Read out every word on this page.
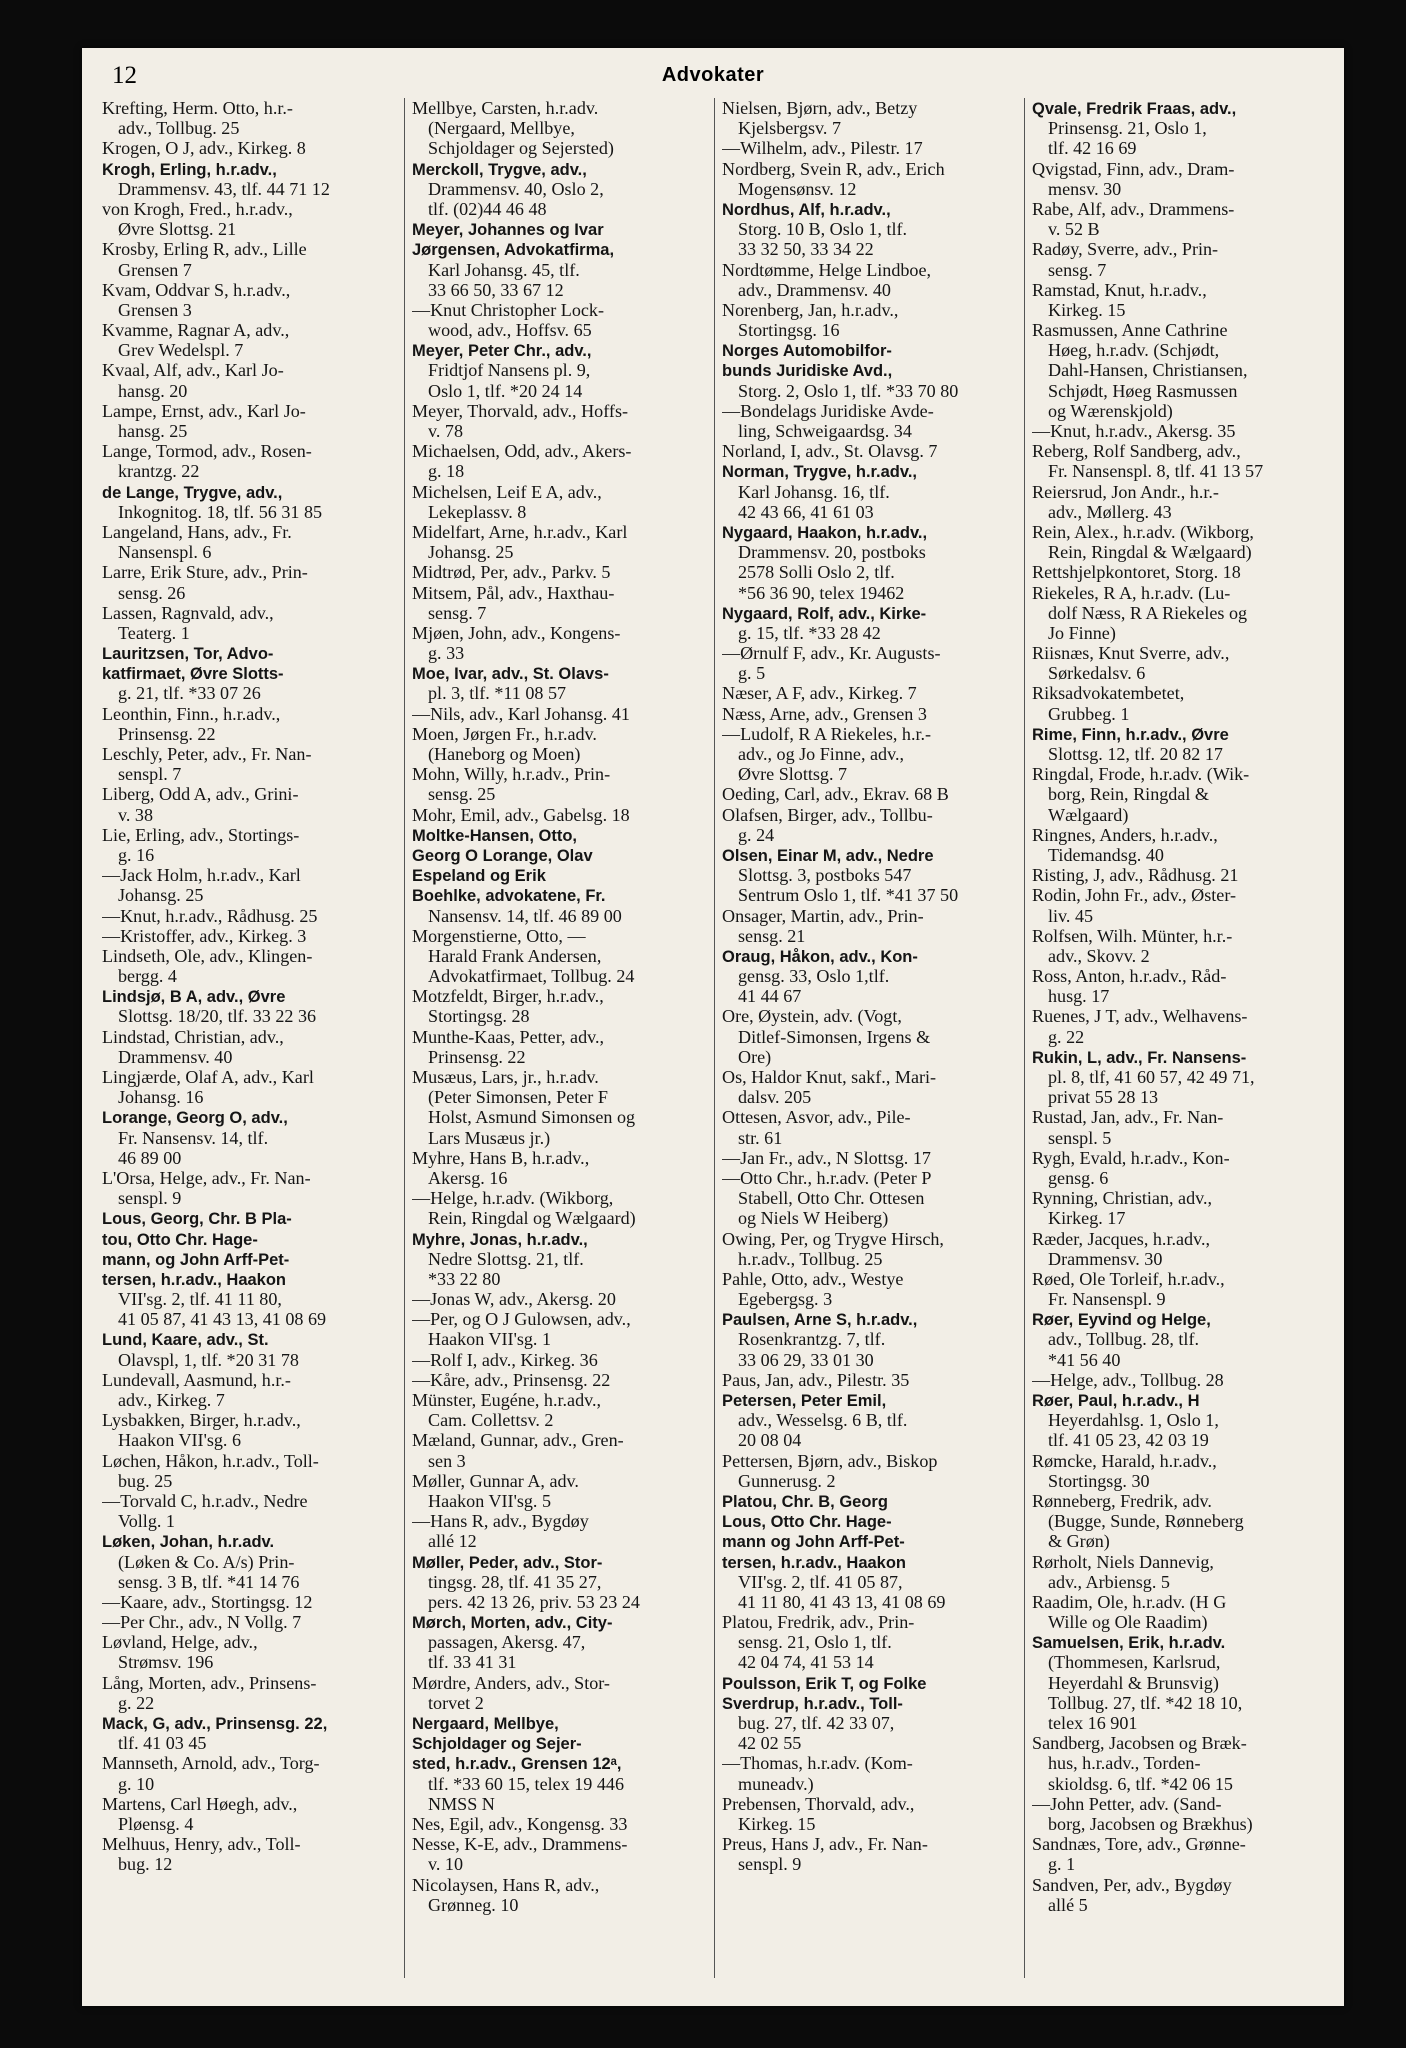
12	Advokater
Krefting, Herm. Otto, h.r.-
adv., Tollbug. 25
Krogen, O J, adv., Kirkeg. 8
Krogh, Erling, h.r.adv.,
Drammensv. 43, tlf. 44 71 12
von Krogh, Fred., h.r.adv.,
Øvre Slottsg. 21
Krosby, Erling R, adv., Lille
Grensen 7
Kvam, Oddvar S, h.r.adv.,
Grensen 3
Kvamme, Ragnar A, adv.,
Grev Wedelspl. 7
Kvaal, Alf, adv., Karl Jo-
hansg. 20
Lampe, Ernst, adv., Karl Jo-
hansg. 25
Lange, Tormod, adv., Rosen-
krantzg. 22
de Lange, Trygve, adv.,
Inkognitog. 18, tlf. 56 31 85
Langeland, Hans, adv., Fr.
Nansenspl. 6
Larre, Erik Sture, adv., Prin-
sensg. 26
Lassen, Ragnvald, adv.,
Teaterg. 1
Lauritzsen, Tor, Advo-
katfirmaet, Øvre Slotts-
g. 21, tlf. *33 07 26
Leonthin, Finn., h.r.adv.,
Prinsensg. 22
Leschly, Peter, adv., Fr. Nan-
senspl. 7
Liberg, Odd A, adv., Grini-
v. 38
Lie, Erling, adv., Stortings-
g. 16
—Jack Holm, h.r.adv., Karl
Johansg. 25
—Knut, h.r.adv., Rådhusg. 25
—Kristoffer, adv., Kirkeg. 3
Lindseth, Ole, adv., Klingen-
bergg. 4
Lindsjø, B A, adv., Øvre
Slottsg. 18/20, tlf. 33 22 36
Lindstad, Christian, adv.,
Drammensv. 40
Lingjærde, Olaf A, adv., Karl
Johansg. 16
Lorange, Georg O, adv.,
Fr. Nansensv. 14, tlf.
46 89 00
L'Orsa, Helge, adv., Fr. Nan-
senspl. 9
Lous, Georg, Chr. B Pla-
tou, Otto Chr. Hage-
mann, og John Arff-Pet-
tersen, h.r.adv., Haakon
VII'sg. 2, tlf. 41 11 80,
41 05 87, 41 43 13, 41 08 69
Lund, Kaare, adv., St.
Olavspl, 1, tlf. *20 31 78
Lundevall, Aasmund, h.r.-
adv., Kirkeg. 7
Lysbakken, Birger, h.r.adv.,
Haakon VII'sg. 6
Løchen, Håkon, h.r.adv., Toll-
bug. 25
—Torvald C, h.r.adv., Nedre
Vollg. 1
Løken, Johan, h.r.adv.
(Løken & Co. A/s) Prin-
sensg. 3 B, tlf. *41 14 76
—Kaare, adv., Stortingsg. 12
—Per Chr., adv., N Vollg. 7
Løvland, Helge, adv.,
Strømsv. 196
Lång, Morten, adv., Prinsens-
g. 22
Mack, G, adv., Prinsensg. 22,
tlf. 41 03 45
Mannseth, Arnold, adv., Torg-
g. 10
Martens, Carl Høegh, adv.,
Pløensg. 4
Melhuus, Henry, adv., Toll-
bug. 12
Mellbye, Carsten, h.r.adv.
(Nergaard, Mellbye,
Schjoldager og Sejersted)
Merckoll, Trygve, adv.,
Drammensv. 40, Oslo 2,
tlf. (02)44 46 48
Meyer, Johannes og Ivar
Jørgensen, Advokatfirma,
Karl Johansg. 45, tlf.
33 66 50, 33 67 12
—Knut Christopher Lock-
wood, adv., Hoffsv. 65
Meyer, Peter Chr., adv.,
Fridtjof Nansens pl. 9,
Oslo 1, tlf. *20 24 14
Meyer, Thorvald, adv., Hoffs-
v. 78
Michaelsen, Odd, adv., Akers-
g. 18
Michelsen, Leif E A, adv.,
Lekeplassv. 8
Midelfart, Arne, h.r.adv., Karl
Johansg. 25
Midtrød, Per, adv., Parkv. 5
Mitsem, Pål, adv., Haxthau-
sensg. 7
Mjøen, John, adv., Kongens-
g. 33
Moe, Ivar, adv., St. Olavs-
pl. 3, tlf. *11 08 57
—Nils, adv., Karl Johansg. 41
Moen, Jørgen Fr., h.r.adv.
(Haneborg og Moen)
Mohn, Willy, h.r.adv., Prin-
sensg. 25
Mohr, Emil, adv., Gabelsg. 18
Moltke-Hansen, Otto,
Georg O Lorange, Olav
Espeland og Erik
Boehlke, advokatene, Fr.
Nansensv. 14, tlf. 46 89 00
Morgenstierne, Otto, —
Harald Frank Andersen,
Advokatfirmaet, Tollbug. 24
Motzfeldt, Birger, h.r.adv.,
Stortingsg. 28
Munthe-Kaas, Petter, adv.,
Prinsensg. 22
Musæus, Lars, jr., h.r.adv.
(Peter Simonsen, Peter F
Holst, Asmund Simonsen og
Lars Musæus jr.)
Myhre, Hans B, h.r.adv.,
Akersg. 16
—Helge, h.r.adv. (Wikborg,
Rein, Ringdal og Wælgaard)
Myhre, Jonas, h.r.adv.,
Nedre Slottsg. 21, tlf.
*33 22 80
—Jonas W, adv., Akersg. 20
—Per, og O J Gulowsen, adv.,
Haakon VII'sg. 1
—Rolf I, adv., Kirkeg. 36
—Kåre, adv., Prinsensg. 22
Münster, Eugéne, h.r.adv.,
Cam. Collettsv. 2
Mæland, Gunnar, adv., Gren-
sen 3
Møller, Gunnar A, adv.
Haakon VII'sg. 5
—Hans R, adv., Bygdøy
allé 12
Møller, Peder, adv., Stor-
tingsg. 28, tlf. 41 35 27,
pers. 42 13 26, priv. 53 23 24
Mørch, Morten, adv., City-
passagen, Akersg. 47,
tlf. 33 41 31
Mørdre, Anders, adv., Stor-
torvet 2
Nergaard, Mellbye,
Schjoldager og Sejer-
sted, h.r.adv., Grensen 12ᵃ,
tlf. *33 60 15, telex 19 446
NMSS N
Nes, Egil, adv., Kongensg. 33
Nesse, K-E, adv., Drammens-
v. 10
Nicolaysen, Hans R, adv.,
Grønneg. 10
Nielsen, Bjørn, adv., Betzy
Kjelsbergsv. 7
—Wilhelm, adv., Pilestr. 17
Nordberg, Svein R, adv., Erich
Mogensønsv. 12
Nordhus, Alf, h.r.adv.,
Storg. 10 B, Oslo 1, tlf.
33 32 50, 33 34 22
Nordtømme, Helge Lindboe,
adv., Drammensv. 40
Norenberg, Jan, h.r.adv.,
Stortingsg. 16
Norges Automobilfor-
bunds Juridiske Avd.,
Storg. 2, Oslo 1, tlf. *33 70 80
—Bondelags Juridiske Avde-
ling, Schweigaardsg. 34
Norland, I, adv., St. Olavsg. 7
Norman, Trygve, h.r.adv.,
Karl Johansg. 16, tlf.
42 43 66, 41 61 03
Nygaard, Haakon, h.r.adv.,
Drammensv. 20, postboks
2578 Solli Oslo 2, tlf.
*56 36 90, telex 19462
Nygaard, Rolf, adv., Kirke-
g. 15, tlf. *33 28 42
—Ørnulf F, adv., Kr. Augusts-
g. 5
Næser, A F, adv., Kirkeg. 7
Næss, Arne, adv., Grensen 3
—Ludolf, R A Riekeles, h.r.-
adv., og Jo Finne, adv.,
Øvre Slottsg. 7
Oeding, Carl, adv., Ekrav. 68 B
Olafsen, Birger, adv., Tollbu-
g. 24
Olsen, Einar M, adv., Nedre
Slottsg. 3, postboks 547
Sentrum Oslo 1, tlf. *41 37 50
Onsager, Martin, adv., Prin-
sensg. 21
Oraug, Håkon, adv., Kon-
gensg. 33, Oslo 1,tlf.
41 44 67
Ore, Øystein, adv. (Vogt,
Ditlef-Simonsen, Irgens &
Ore)
Os, Haldor Knut, sakf., Mari-
dalsv. 205
Ottesen, Asvor, adv., Pile-
str. 61
—Jan Fr., adv., N Slottsg. 17
—Otto Chr., h.r.adv. (Peter P
Stabell, Otto Chr. Ottesen
og Niels W Heiberg)
Owing, Per, og Trygve Hirsch,
h.r.adv., Tollbug. 25
Pahle, Otto, adv., Westye
Egebergsg. 3
Paulsen, Arne S, h.r.adv.,
Rosenkrantzg. 7, tlf.
33 06 29, 33 01 30
Paus, Jan, adv., Pilestr. 35
Petersen, Peter Emil,
adv., Wesselsg. 6 B, tlf.
20 08 04
Pettersen, Bjørn, adv., Biskop
Gunnerusg. 2
Platou, Chr. B, Georg
Lous, Otto Chr. Hage-
mann og John Arff-Pet-
tersen, h.r.adv., Haakon
VII'sg. 2, tlf. 41 05 87,
41 11 80, 41 43 13, 41 08 69
Platou, Fredrik, adv., Prin-
sensg. 21, Oslo 1, tlf.
42 04 74, 41 53 14
Poulsson, Erik T, og Folke
Sverdrup, h.r.adv., Toll-
bug. 27, tlf. 42 33 07,
42 02 55
—Thomas, h.r.adv. (Kom-
muneadv.)
Prebensen, Thorvald, adv.,
Kirkeg. 15
Preus, Hans J, adv., Fr. Nan-
senspl. 9
Qvale, Fredrik Fraas, adv.,
Prinsensg. 21, Oslo 1,
tlf. 42 16 69
Qvigstad, Finn, adv., Dram-
mensv. 30
Rabe, Alf, adv., Drammens-
v. 52 B
Radøy, Sverre, adv., Prin-
sensg. 7
Ramstad, Knut, h.r.adv.,
Kirkeg. 15
Rasmussen, Anne Cathrine
Høeg, h.r.adv. (Schjødt,
Dahl-Hansen, Christiansen,
Schjødt, Høeg Rasmussen
og Wærenskjold)
—Knut, h.r.adv., Akersg. 35
Reberg, Rolf Sandberg, adv.,
Fr. Nansenspl. 8, tlf. 41 13 57
Reiersrud, Jon Andr., h.r.-
adv., Møllerg. 43
Rein, Alex., h.r.adv. (Wikborg,
Rein, Ringdal & Wælgaard)
Rettshjelpkontoret, Storg. 18
Riekeles, R A, h.r.adv. (Lu-
dolf Næss, R A Riekeles og
Jo Finne)
Riisnæs, Knut Sverre, adv.,
Sørkedalsv. 6
Riksadvokatembetet,
Grubbeg. 1
Rime, Finn, h.r.adv., Øvre
Slottsg. 12, tlf. 20 82 17
Ringdal, Frode, h.r.adv. (Wik-
borg, Rein, Ringdal &
Wælgaard)
Ringnes, Anders, h.r.adv.,
Tidemandsg. 40
Risting, J, adv., Rådhusg. 21
Rodin, John Fr., adv., Øster-
liv. 45
Rolfsen, Wilh. Münter, h.r.-
adv., Skovv. 2
Ross, Anton, h.r.adv., Råd-
husg. 17
Ruenes, J T, adv., Welhavens-
g. 22
Rukin, L, adv., Fr. Nansens-
pl. 8, tlf, 41 60 57, 42 49 71,
privat 55 28 13
Rustad, Jan, adv., Fr. Nan-
senspl. 5
Rygh, Evald, h.r.adv., Kon-
gensg. 6
Rynning, Christian, adv.,
Kirkeg. 17
Ræder, Jacques, h.r.adv.,
Drammensv. 30
Røed, Ole Torleif, h.r.adv.,
Fr. Nansenspl. 9
Røer, Eyvind og Helge,
adv., Tollbug. 28, tlf.
*41 56 40
—Helge, adv., Tollbug. 28
Røer, Paul, h.r.adv., H
Heyerdahlsg. 1, Oslo 1,
tlf. 41 05 23, 42 03 19
Rømcke, Harald, h.r.adv.,
Stortingsg. 30
Rønneberg, Fredrik, adv.
(Bugge, Sunde, Rønneberg
& Grøn)
Rørholt, Niels Dannevig,
adv., Arbiensg. 5
Raadim, Ole, h.r.adv. (H G
Wille og Ole Raadim)
Samuelsen, Erik, h.r.adv.
(Thommesen, Karlsrud,
Heyerdahl & Brunsvig)
Tollbug. 27, tlf. *42 18 10,
telex 16 901
Sandberg, Jacobsen og Bræk-
hus, h.r.adv., Torden-
skioldsg. 6, tlf. *42 06 15
—John Petter, adv. (Sand-
borg, Jacobsen og Brækhus)
Sandnæs, Tore, adv., Grønne-
g. 1
Sandven, Per, adv., Bygdøy
allé 5
